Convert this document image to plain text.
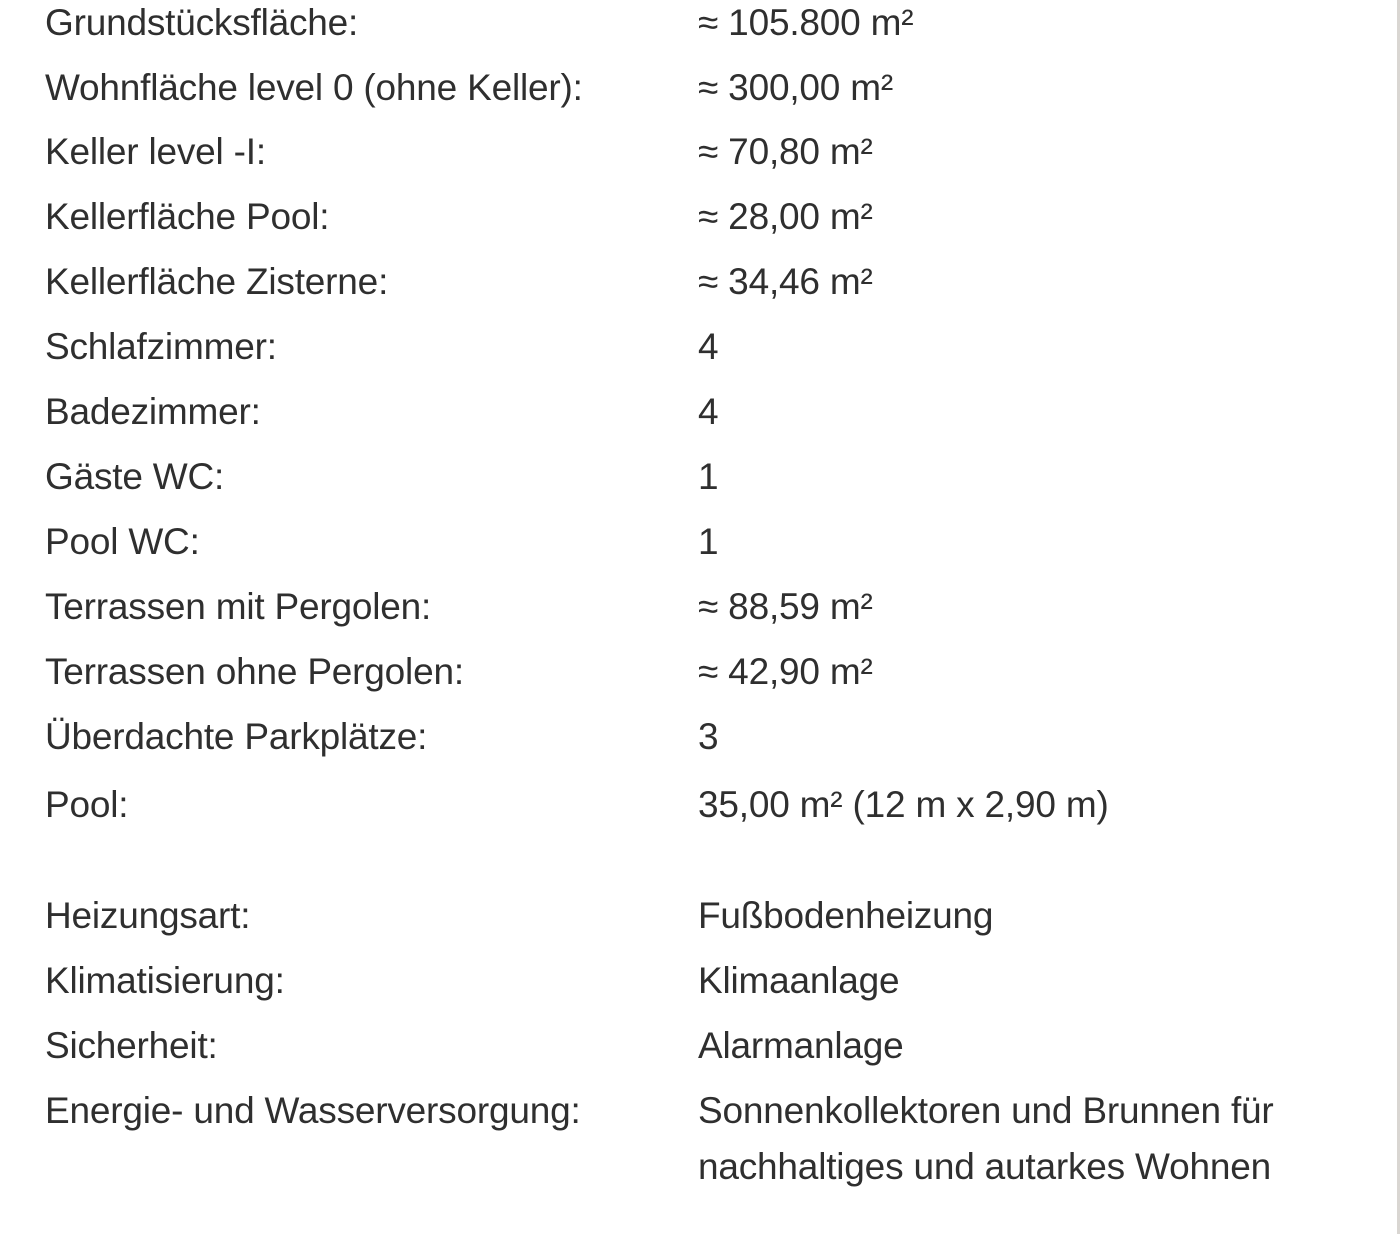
Grundstücksfläche:	≈ 105.800 m²
Wohnfläche level 0 (ohne Keller):	≈ 300,00 m²
Keller level -I:	≈ 70,80 m²
Kellerfläche Pool:	≈ 28,00 m²
Kellerfläche Zisterne:	≈ 34,46 m²
Schlafzimmer:	4
Badezimmer:	4
Gäste WC:	1
Pool WC:	1
Terrassen mit Pergolen:	≈ 88,59 m²
Terrassen ohne Pergolen:	≈ 42,90 m²
Überdachte Parkplätze:	3
Pool:	35,00 m² (12 m x 2,90 m)
Heizungsart:	Fußbodenheizung
Klimatisierung:	Klimaanlage
Sicherheit:	Alarmanlage
Energie- und Wasserversorgung:	Sonnenkollektoren und Brunnen für
nachhaltiges und autarkes Wohnen
